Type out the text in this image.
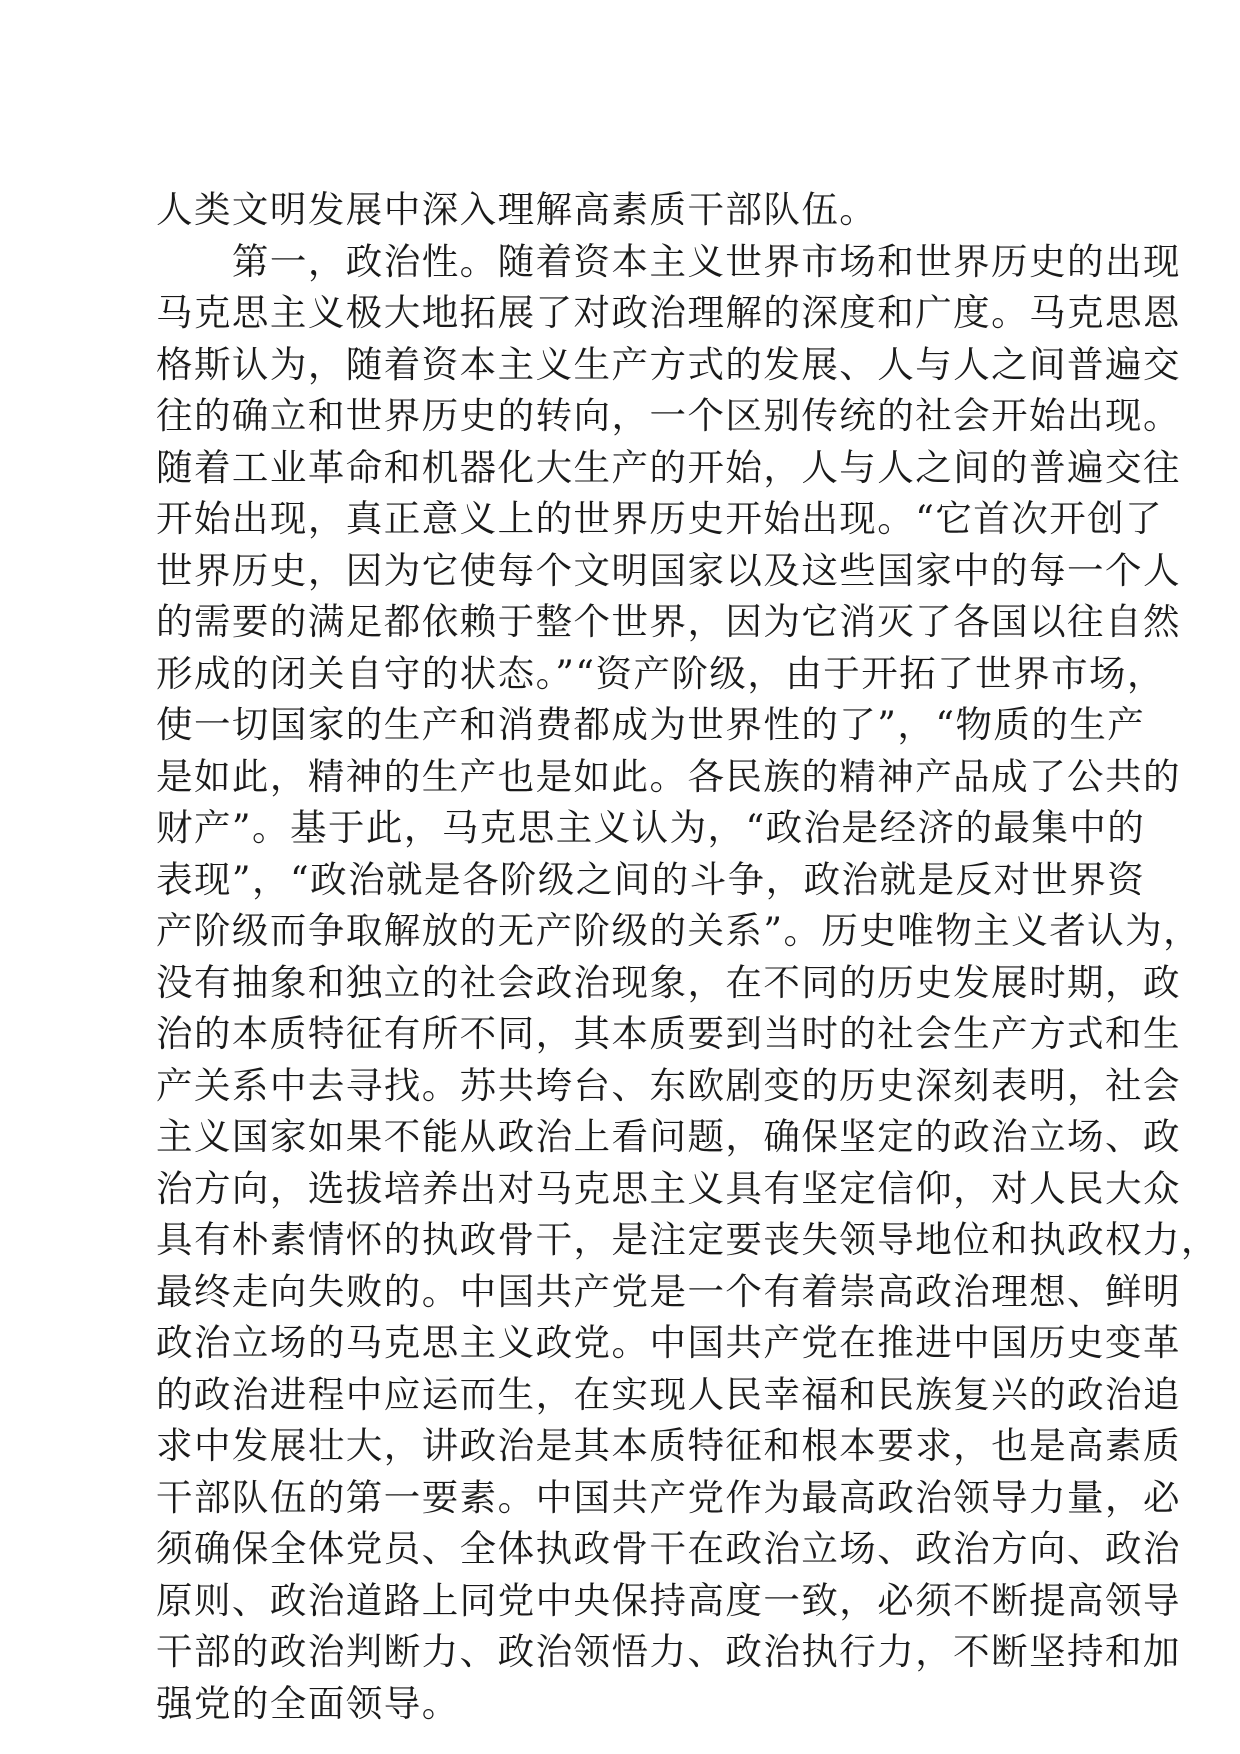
人类文明发展中深入理解高素质干部队伍。
　　第一，政治性。随着资本主义世界市场和世界历史的出现
马克思主义极大地拓展了对政治理解的深度和广度。马克思恩
格斯认为，随着资本主义生产方式的发展、人与人之间普遍交
往的确立和世界历史的转向，一个区别传统的社会开始出现。
随着工业革命和机器化大生产的开始，人与人之间的普遍交往
开始出现，真正意义上的世界历史开始出现。“它首次开创了
世界历史，因为它使每个文明国家以及这些国家中的每一个人
的需要的满足都依赖于整个世界，因为它消灭了各国以往自然
形成的闭关自守的状态。”“资产阶级，由于开拓了世界市场，
使一切国家的生产和消费都成为世界性的了”，“物质的生产
是如此，精神的生产也是如此。各民族的精神产品成了公共的
财产”。基于此，马克思主义认为，“政治是经济的最集中的
表现”，“政治就是各阶级之间的斗争，政治就是反对世界资
产阶级而争取解放的无产阶级的关系”。历史唯物主义者认为，
没有抽象和独立的社会政治现象，在不同的历史发展时期，政
治的本质特征有所不同，其本质要到当时的社会生产方式和生
产关系中去寻找。苏共垮台、东欧剧变的历史深刻表明，社会
主义国家如果不能从政治上看问题，确保坚定的政治立场、政
治方向，选拔培养出对马克思主义具有坚定信仰，对人民大众
具有朴素情怀的执政骨干，是注定要丧失领导地位和执政权力，
最终走向失败的。中国共产党是一个有着崇高政治理想、鲜明
政治立场的马克思主义政党。中国共产党在推进中国历史变革
的政治进程中应运而生，在实现人民幸福和民族复兴的政治追
求中发展壮大，讲政治是其本质特征和根本要求，也是高素质
干部队伍的第一要素。中国共产党作为最高政治领导力量，必
须确保全体党员、全体执政骨干在政治立场、政治方向、政治
原则、政治道路上同党中央保持高度一致，必须不断提高领导
干部的政治判断力、政治领悟力、政治执行力，不断坚持和加
强党的全面领导。
